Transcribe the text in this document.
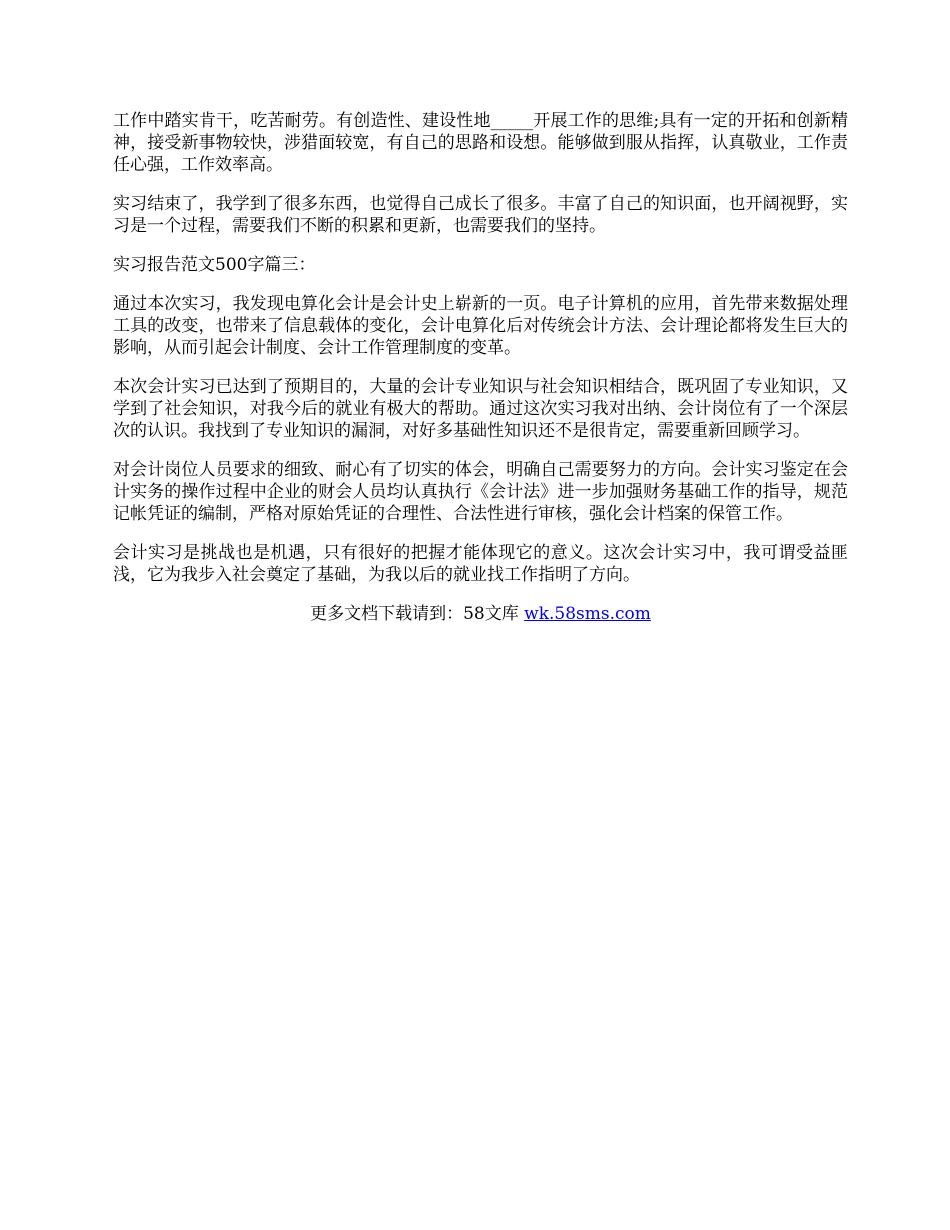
工作中踏实肯干，吃苦耐劳。有创造性、建设性地_____开展工作的思维;具有一定的开拓和创新精神，接受新事物较快，涉猎面较宽，有自己的思路和设想。能够做到服从指挥，认真敬业，工作责任心强，工作效率高。

实习结束了，我学到了很多东西，也觉得自己成长了很多。丰富了自己的知识面，也开阔视野，实习是一个过程，需要我们不断的积累和更新，也需要我们的坚持。

实习报告范文500字篇三：

通过本次实习，我发现电算化会计是会计史上崭新的一页。电子计算机的应用，首先带来数据处理工具的改变，也带来了信息载体的变化，会计电算化后对传统会计方法、会计理论都将发生巨大的影响，从而引起会计制度、会计工作管理制度的变革。

本次会计实习已达到了预期目的，大量的会计专业知识与社会知识相结合，既巩固了专业知识，又学到了社会知识，对我今后的就业有极大的帮助。通过这次实习我对出纳、会计岗位有了一个深层次的认识。我找到了专业知识的漏洞，对好多基础性知识还不是很肯定，需要重新回顾学习。

对会计岗位人员要求的细致、耐心有了切实的体会，明确自己需要努力的方向。会计实习鉴定在会计实务的操作过程中企业的财会人员均认真执行《会计法》进一步加强财务基础工作的指导，规范记帐凭证的编制，严格对原始凭证的合理性、合法性进行审核，强化会计档案的保管工作。

会计实习是挑战也是机遇，只有很好的把握才能体现它的意义。这次会计实习中，我可谓受益匪浅，它为我步入社会奠定了基础，为我以后的就业找工作指明了方向。

更多文档下载请到：58文库 wk.58sms.com
